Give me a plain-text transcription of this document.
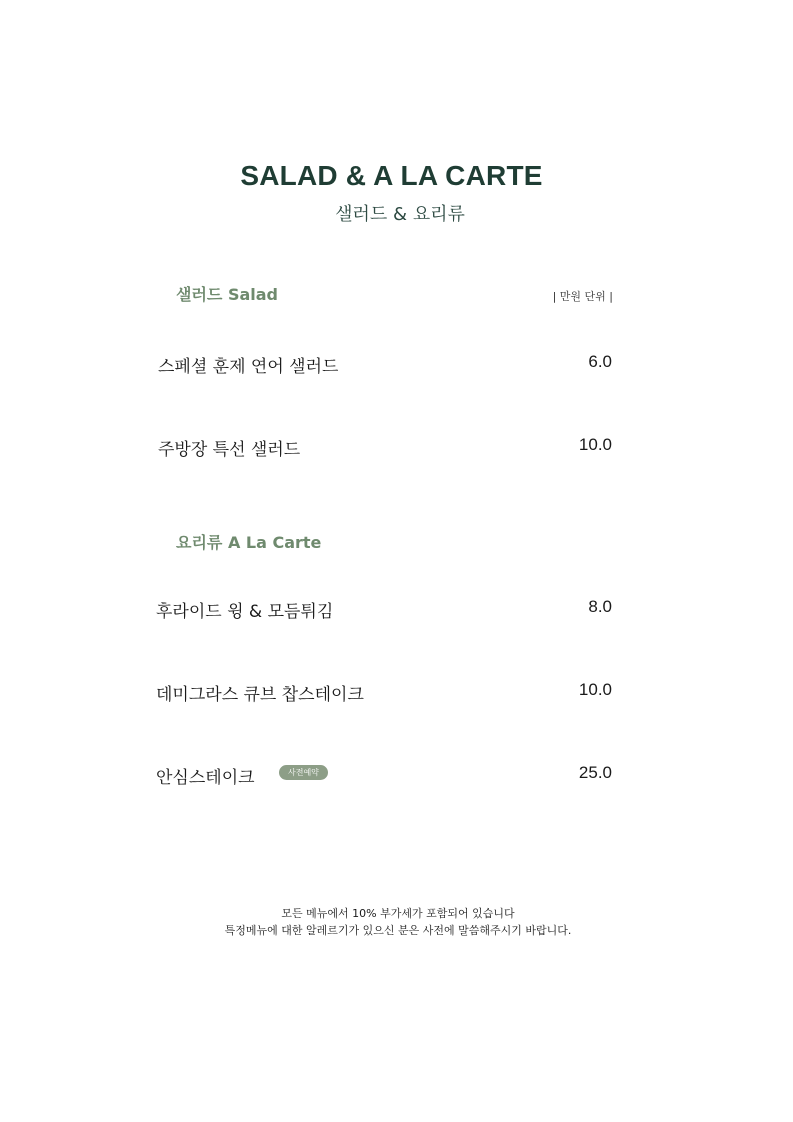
SALAD & A LA CARTE
샐러드 & 요리류
샐러드 Salad	| 만원 단위 |
스페셜 훈제 연어 샐러드	6.0
주방장 특선 샐러드	10.0
요리류 A La Carte
후라이드 윙 & 모듬튀김	8.0
데미그라스 큐브 찹스테이크	10.0
안심스테이크	사전예약	25.0
모든 메뉴에서 10% 부가세가 포함되어 있습니다
특정메뉴에 대한 알레르기가 있으신 분은 사전에 말씀해주시기 바랍니다.
